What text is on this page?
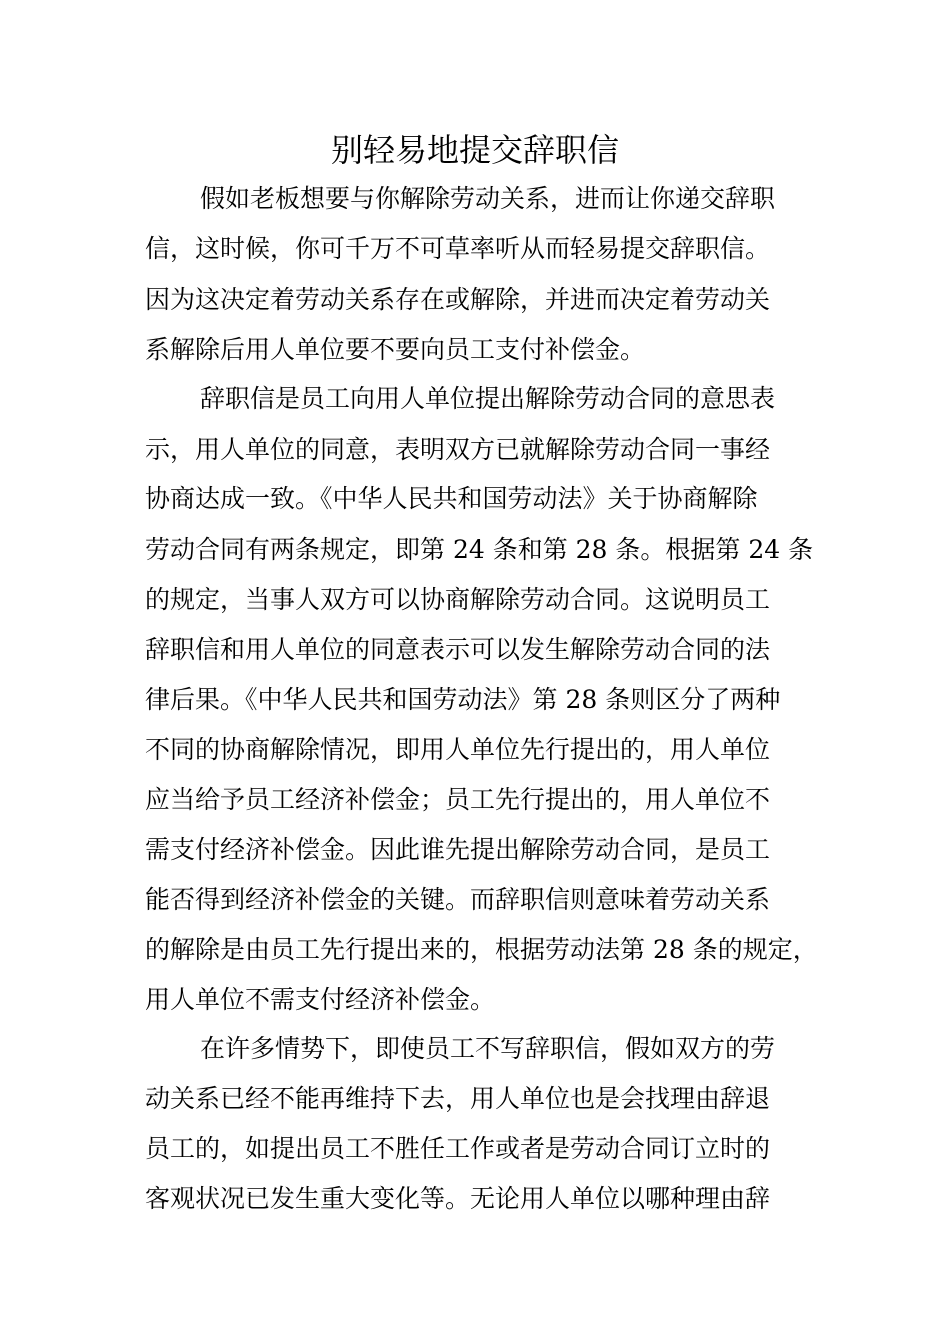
别轻易地提交辞职信
假如老板想要与你解除劳动关系，进而让你递交辞职
信，这时候，你可千万不可草率听从而轻易提交辞职信。
因为这决定着劳动关系存在或解除，并进而决定着劳动关
系解除后用人单位要不要向员工支付补偿金。
辞职信是员工向用人单位提出解除劳动合同的意思表
示，用人单位的同意，表明双方已就解除劳动合同一事经
协商达成一致。《中华人民共和国劳动法》关于协商解除
劳动合同有两条规定，即第 24 条和第 28 条。根据第 24 条
的规定，当事人双方可以协商解除劳动合同。这说明员工
辞职信和用人单位的同意表示可以发生解除劳动合同的法
律后果。《中华人民共和国劳动法》第 28 条则区分了两种
不同的协商解除情况，即用人单位先行提出的，用人单位
应当给予员工经济补偿金；员工先行提出的，用人单位不
需支付经济补偿金。因此谁先提出解除劳动合同，是员工
能否得到经济补偿金的关键。而辞职信则意味着劳动关系
的解除是由员工先行提出来的，根据劳动法第 28 条的规定，
用人单位不需支付经济补偿金。
在许多情势下，即使员工不写辞职信，假如双方的劳
动关系已经不能再维持下去，用人单位也是会找理由辞退
员工的，如提出员工不胜任工作或者是劳动合同订立时的
客观状况已发生重大变化等。无论用人单位以哪种理由辞
